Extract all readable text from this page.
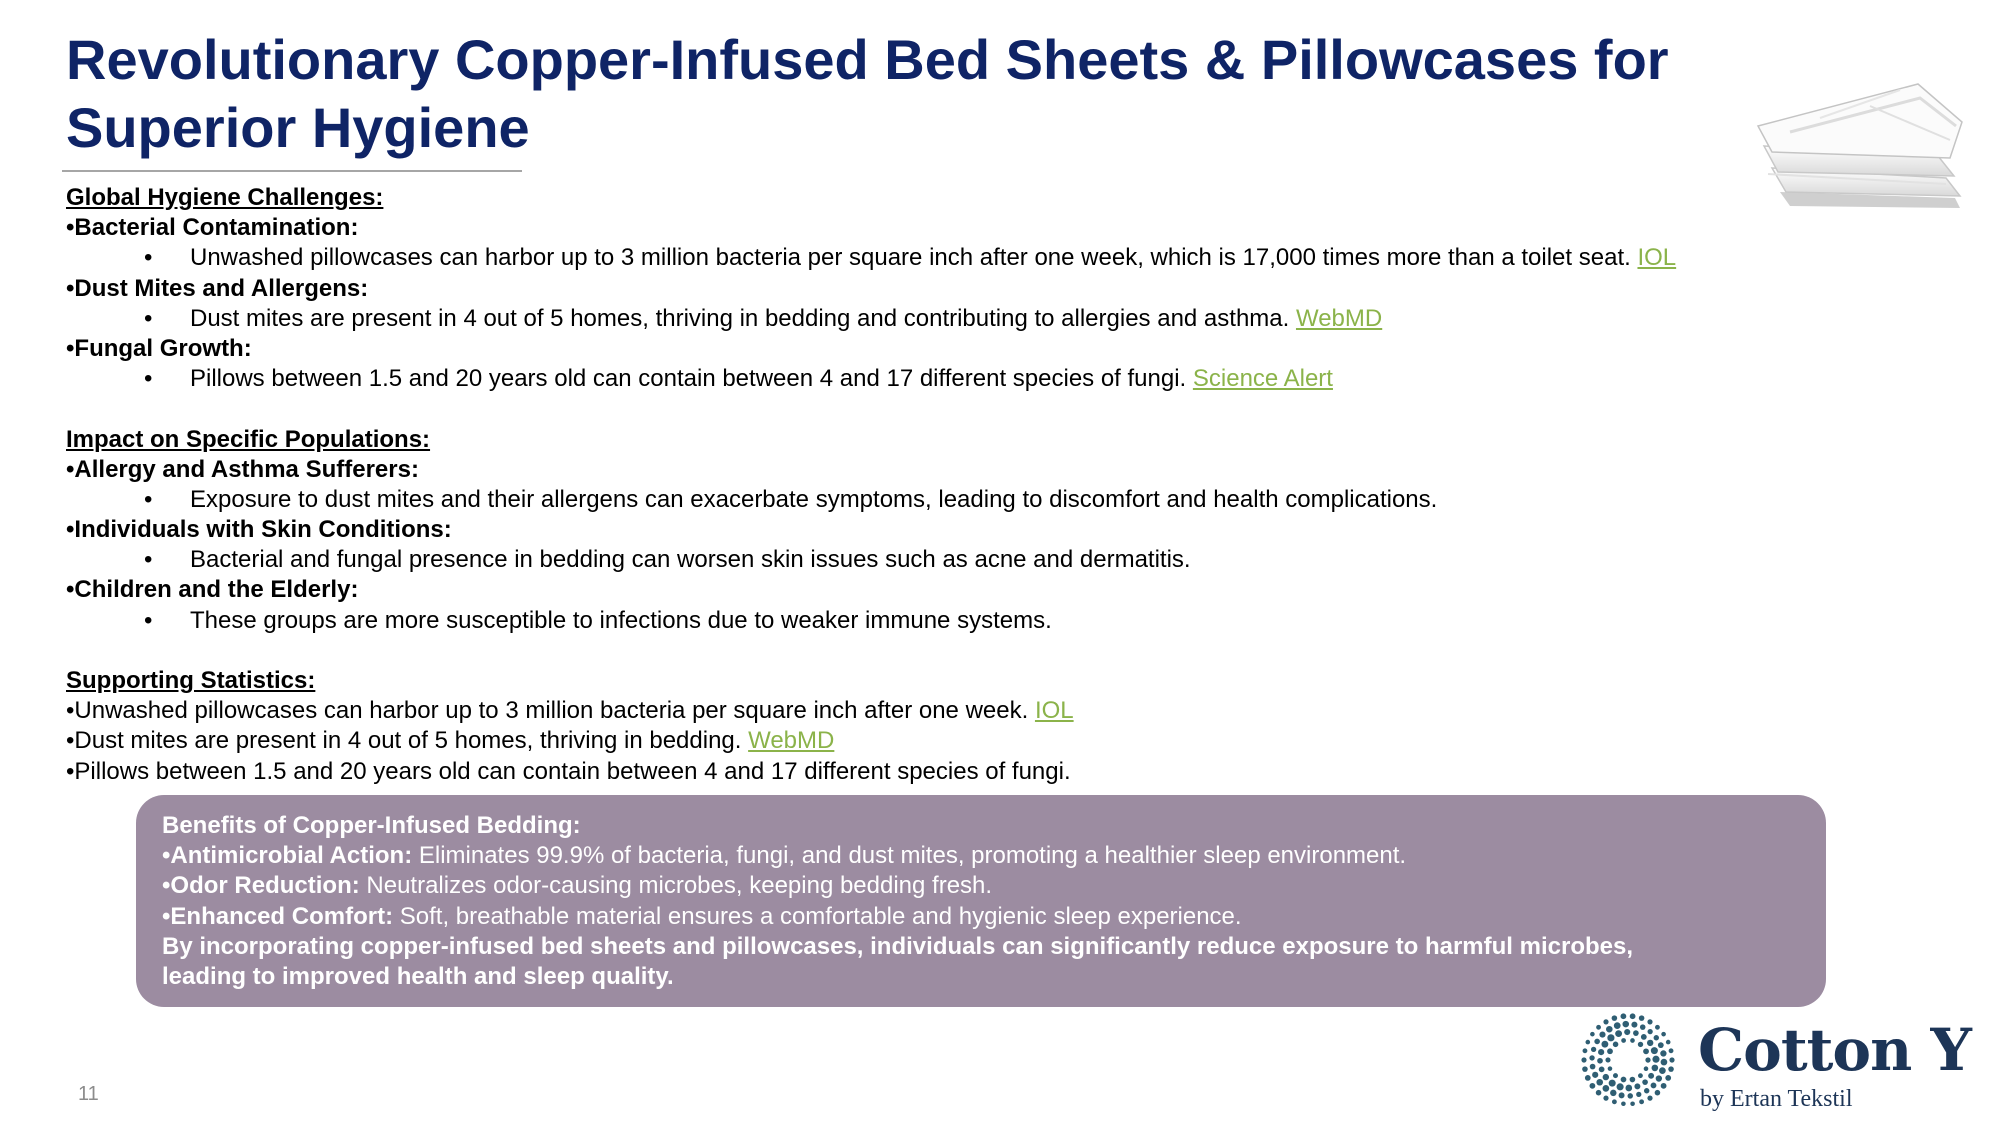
Revolutionary Copper-Infused Bed Sheets & Pillowcases for Superior Hygiene
Global Hygiene Challenges:
•Bacterial Contamination:
• Unwashed pillowcases can harbor up to 3 million bacteria per square inch after one week, which is 17,000 times more than a toilet seat. IOL
•Dust Mites and Allergens:
• Dust mites are present in 4 out of 5 homes, thriving in bedding and contributing to allergies and asthma. WebMD
•Fungal Growth:
• Pillows between 1.5 and 20 years old can contain between 4 and 17 different species of fungi. Science Alert
Impact on Specific Populations:
•Allergy and Asthma Sufferers:
• Exposure to dust mites and their allergens can exacerbate symptoms, leading to discomfort and health complications.
•Individuals with Skin Conditions:
• Bacterial and fungal presence in bedding can worsen skin issues such as acne and dermatitis.
•Children and the Elderly:
• These groups are more susceptible to infections due to weaker immune systems.
Supporting Statistics:
•Unwashed pillowcases can harbor up to 3 million bacteria per square inch after one week. IOL
•Dust mites are present in 4 out of 5 homes, thriving in bedding. WebMD
•Pillows between 1.5 and 20 years old can contain between 4 and 17 different species of fungi.
Benefits of Copper-Infused Bedding:
•Antimicrobial Action: Eliminates 99.9% of bacteria, fungi, and dust mites, promoting a healthier sleep environment.
•Odor Reduction: Neutralizes odor-causing microbes, keeping bedding fresh.
•Enhanced Comfort: Soft, breathable material ensures a comfortable and hygienic sleep experience.
By incorporating copper-infused bed sheets and pillowcases, individuals can significantly reduce exposure to harmful microbes,
leading to improved health and sleep quality.
11
Cotton Y
by Ertan Tekstil
